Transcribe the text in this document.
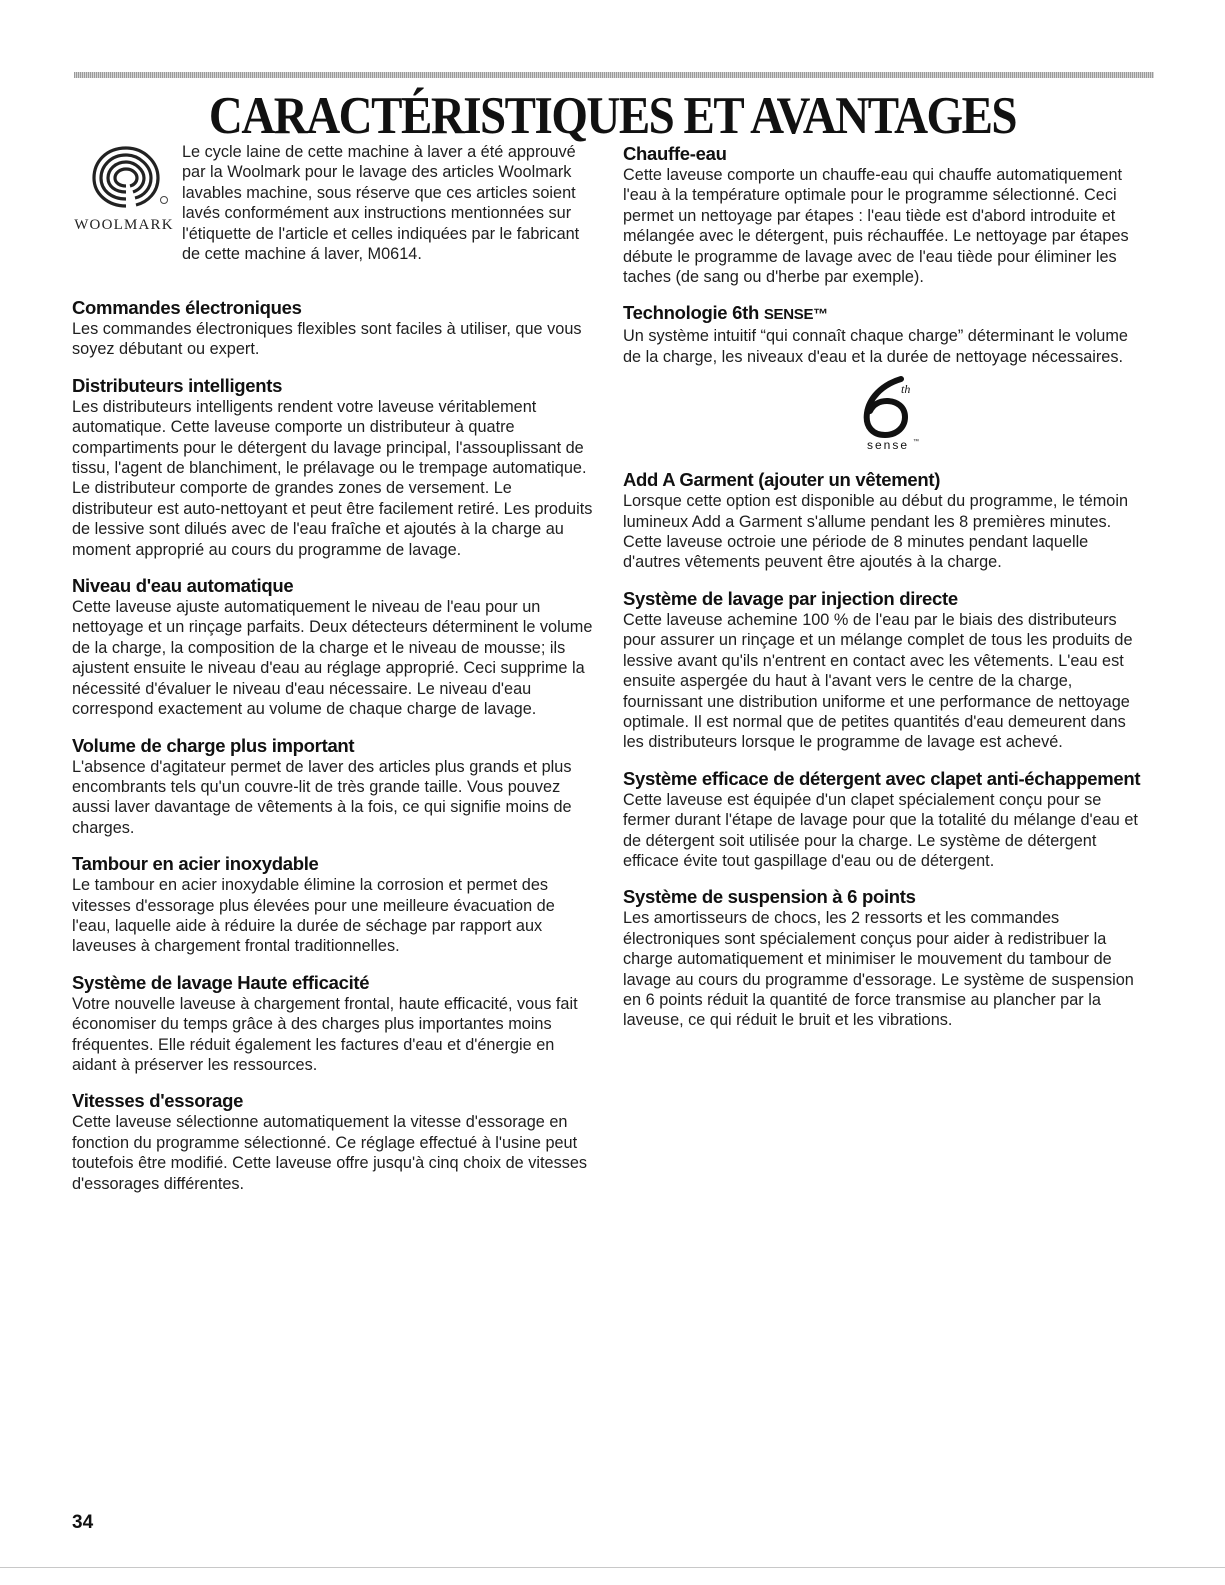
CARACTÉRISTIQUES ET AVANTAGES
WOOLMARK

Le cycle laine de cette machine à laver a été approuvé par la Woolmark pour le lavage des articles Woolmark lavables machine, sous réserve que ces articles soient lavés conformément aux instructions mentionnées sur l'étiquette de l'article et celles indiquées par le fabricant de cette machine á laver, M0614.

Commandes électroniques

Les commandes électroniques flexibles sont faciles à utiliser, que vous soyez débutant ou expert.

Distributeurs intelligents

Les distributeurs intelligents rendent votre laveuse véritablement automatique. Cette laveuse comporte un distributeur à quatre compartiments pour le détergent du lavage principal, l'assouplissant de tissu, l'agent de blanchiment, le prélavage ou le trempage automatique. Le distributeur comporte de grandes zones de versement. Le distributeur est auto-nettoyant et peut être facilement retiré. Les produits de lessive sont dilués avec de l'eau fraîche et ajoutés à la charge au moment approprié au cours du programme de lavage.

Niveau d'eau automatique

Cette laveuse ajuste automatiquement le niveau de l'eau pour un nettoyage et un rinçage parfaits. Deux détecteurs déterminent le volume de la charge, la composition de la charge et le niveau de mousse; ils ajustent ensuite le niveau d'eau au réglage approprié. Ceci supprime la nécessité d'évaluer le niveau d'eau nécessaire. Le niveau d'eau correspond exactement au volume de chaque charge de lavage.

Volume de charge plus important

L'absence d'agitateur permet de laver des articles plus grands et plus encombrants tels qu'un couvre-lit de très grande taille. Vous pouvez aussi laver davantage de vêtements à la fois, ce qui signifie moins de charges.

Tambour en acier inoxydable

Le tambour en acier inoxydable élimine la corrosion et permet des vitesses d'essorage plus élevées pour une meilleure évacuation de l'eau, laquelle aide à réduire la durée de séchage par rapport aux laveuses à chargement frontal traditionnelles.

Système de lavage Haute efficacité

Votre nouvelle laveuse à chargement frontal, haute efficacité, vous fait économiser du temps grâce à des charges plus importantes moins fréquentes. Elle réduit également les factures d'eau et d'énergie en aidant à préserver les ressources.

Vitesses d'essorage

Cette laveuse sélectionne automatiquement la vitesse d'essorage en fonction du programme sélectionné. Ce réglage effectué à l'usine peut toutefois être modifié. Cette laveuse offre jusqu'à cinq choix de vitesses d'essorages différentes.

Chauffe-eau

Cette laveuse comporte un chauffe-eau qui chauffe automatiquement l'eau à la température optimale pour le programme sélectionné. Ceci permet un nettoyage par étapes : l'eau tiède est d'abord introduite et mélangée avec le détergent, puis réchauffée. Le nettoyage par étapes débute le programme de lavage avec de l'eau tiède pour éliminer les taches (de sang ou d'herbe par exemple).

Technologie 6th SENSE™

Un système intuitif “qui connaît chaque charge” déterminant le volume de la charge, les niveaux d'eau et la durée de nettoyage nécessaires.

th
sense ™
Add A Garment (ajouter un vêtement)

Lorsque cette option est disponible au début du programme, le témoin lumineux Add a Garment s'allume pendant les 8 premières minutes. Cette laveuse octroie une période de 8 minutes pendant laquelle d'autres vêtements peuvent être ajoutés à la charge.

Système de lavage par injection directe

Cette laveuse achemine 100 % de l'eau par le biais des distributeurs pour assurer un rinçage et un mélange complet de tous les produits de lessive avant qu'ils n'entrent en contact avec les vêtements. L'eau est ensuite aspergée du haut à l'avant vers le centre de la charge, fournissant une distribution uniforme et une performance de nettoyage optimale. Il est normal que de petites quantités d'eau demeurent dans les distributeurs lorsque le programme de lavage est achevé.

Système efficace de détergent avec clapet anti-échappement

Cette laveuse est équipée d'un clapet spécialement conçu pour se fermer durant l'étape de lavage pour que la totalité du mélange d'eau et de détergent soit utilisée pour la charge. Le système de détergent efficace évite tout gaspillage d'eau ou de détergent.

Système de suspension à 6 points

Les amortisseurs de chocs, les 2 ressorts et les commandes électroniques sont spécialement conçus pour aider à redistribuer la charge automatiquement et minimiser le mouvement du tambour de lavage au cours du programme d'essorage. Le système de suspension en 6 points réduit la quantité de force transmise au plancher par la laveuse, ce qui réduit le bruit et les vibrations.

34
